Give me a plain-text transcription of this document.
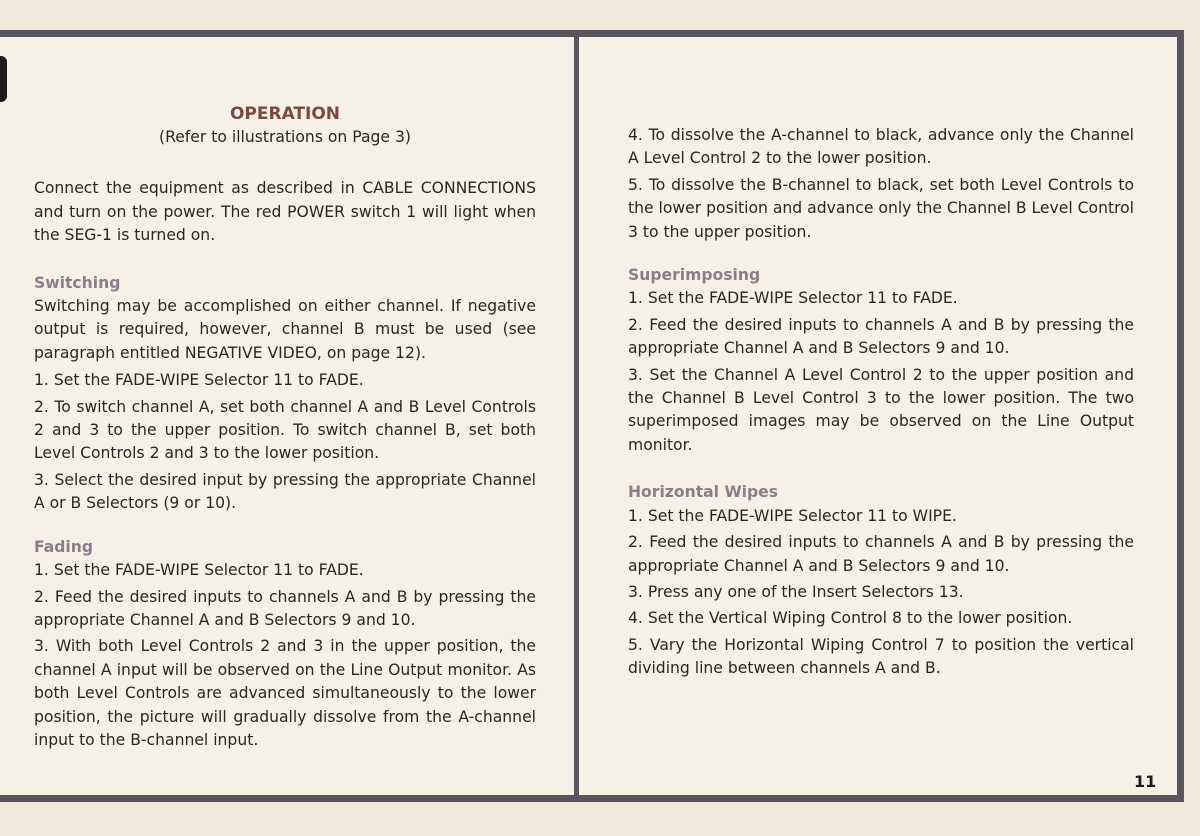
OPERATION
(Refer to illustrations on Page 3)

Connect the equipment as described in CABLE CONNECTIONS and turn on the power. The red POWER switch 1 will light when the SEG-1 is turned on.

Switching

Switching may be accomplished on either channel. If negative output is required, however, channel B must be used (see paragraph entitled NEGATIVE VIDEO, on page 12).

1. Set the FADE-WIPE Selector 11 to FADE.
2. To switch channel A, set both channel A and B Level Controls 2 and 3 to the upper position. To switch channel B, set both Level Controls 2 and 3 to the lower position.
3. Select the desired input by pressing the appropriate Channel A or B Selectors (9 or 10).
Fading
1. Set the FADE-WIPE Selector 11 to FADE.
2. Feed the desired inputs to channels A and B by pressing the appropriate Channel A and B Selectors 9 and 10.
3. With both Level Controls 2 and 3 in the upper position, the channel A input will be observed on the Line Output monitor. As both Level Controls are advanced simultaneously to the lower position, the picture will gradually dissolve from the A-channel input to the B-channel input.
4. To dissolve the A-channel to black, advance only the Channel A Level Control 2 to the lower position.
5. To dissolve the B-channel to black, set both Level Controls to the lower position and advance only the Channel B Level Control 3 to the upper position.
Superimposing
1. Set the FADE-WIPE Selector 11 to FADE.
2. Feed the desired inputs to channels A and B by pressing the appropriate Channel A and B Selectors 9 and 10.
3. Set the Channel A Level Control 2 to the upper position and the Channel B Level Control 3 to the lower position. The two superimposed images may be observed on the Line Output monitor.
Horizontal Wipes
1. Set the FADE-WIPE Selector 11 to WIPE.
2. Feed the desired inputs to channels A and B by pressing the appropriate Channel A and B Selectors 9 and 10.
3. Press any one of the Insert Selectors 13.
4. Set the Vertical Wiping Control 8 to the lower position.
5. Vary the Horizontal Wiping Control 7 to position the vertical dividing line between channels A and B.
11
